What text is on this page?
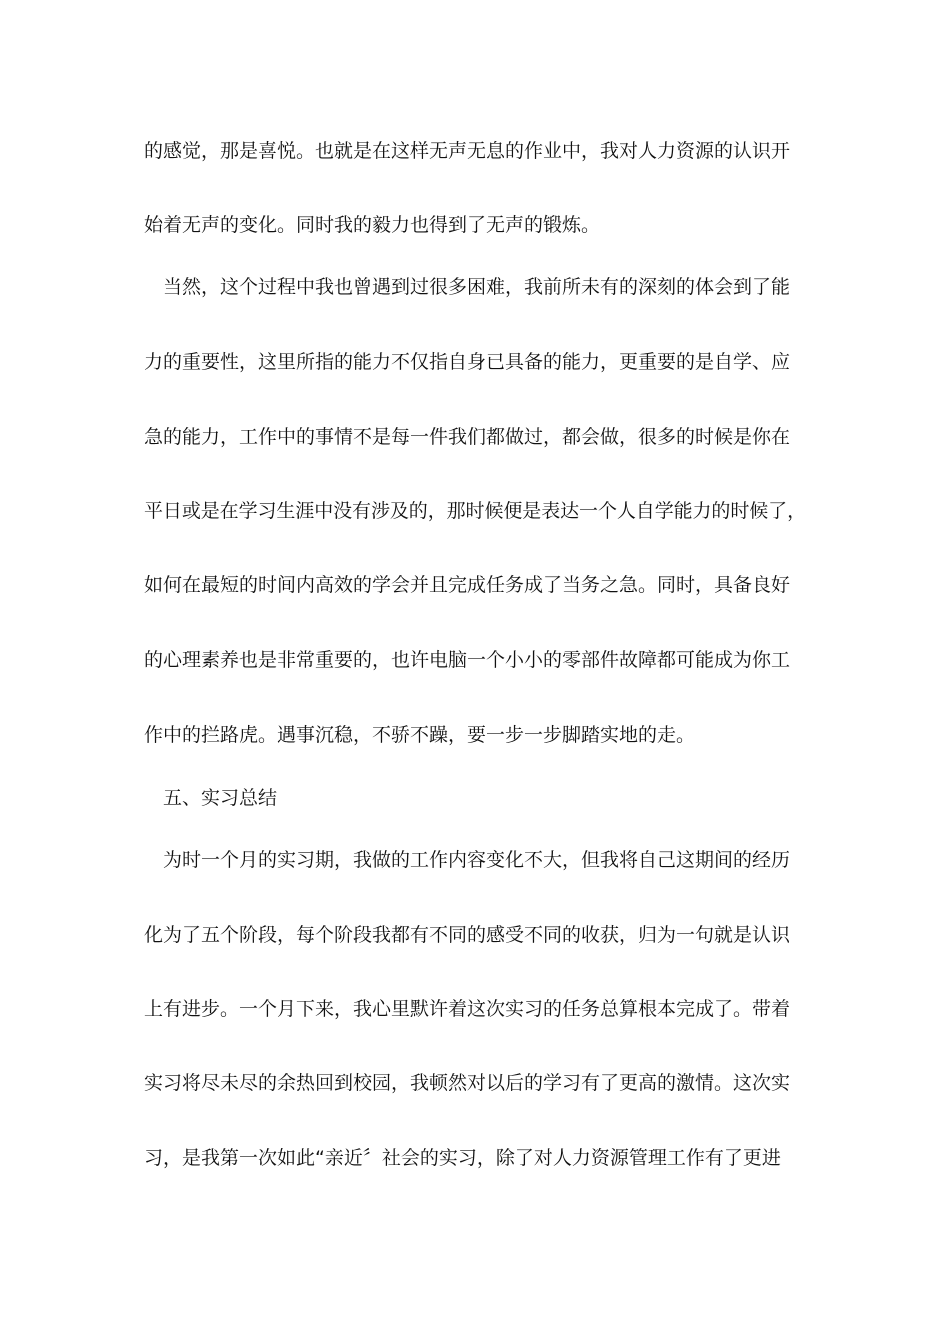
的感觉，那是喜悦。也就是在这样无声无息的作业中，我对人力资源的认识开
始着无声的变化。同时我的毅力也得到了无声的锻炼。
当然，这个过程中我也曾遇到过很多困难，我前所未有的深刻的体会到了能
力的重要性，这里所指的能力不仅指自身已具备的能力，更重要的是自学、应
急的能力，工作中的事情不是每一件我们都做过，都会做，很多的时候是你在
平日或是在学习生涯中没有涉及的，那时候便是表达一个人自学能力的时候了，
如何在最短的时间内高效的学会并且完成任务成了当务之急。同时，具备良好
的心理素养也是非常重要的，也许电脑一个小小的零部件故障都可能成为你工
作中的拦路虎。遇事沉稳，不骄不躁，要一步一步脚踏实地的走。
五、实习总结
为时一个月的实习期，我做的工作内容变化不大，但我将自己这期间的经历
化为了五个阶段，每个阶段我都有不同的感受不同的收获，归为一句就是认识
上有进步。一个月下来，我心里默许着这次实习的任务总算根本完成了。带着
实习将尽未尽的余热回到校园，我顿然对以后的学习有了更高的激情。这次实
习，是我第一次如此“亲近〞社会的实习，除了对人力资源管理工作有了更进
